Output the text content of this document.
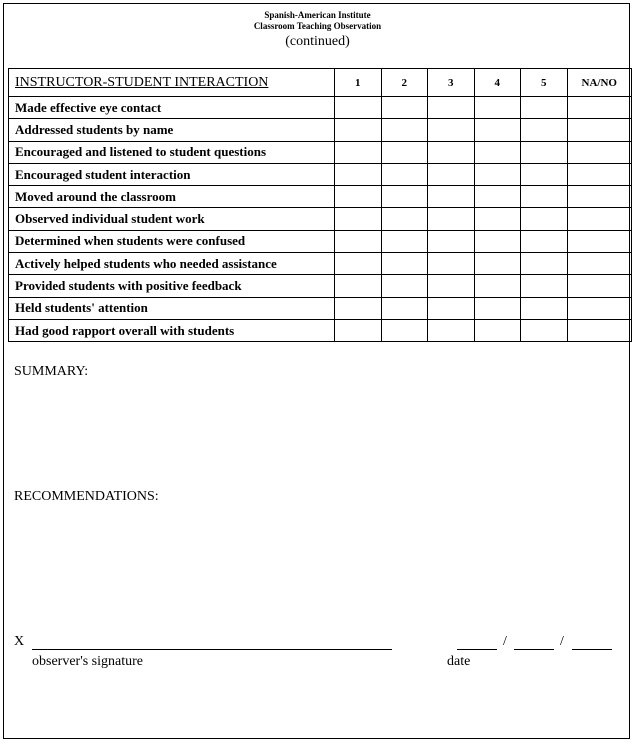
Spanish-American Institute
Classroom Teaching Observation
(continued)
INSTRUCTOR-STUDENT INTERACTION	1	2	3	4	5	NA/NO
Made effective eye contact						
Addressed students by name						
Encouraged and listened to student questions						
Encouraged student interaction						
Moved around the classroom						
Observed individual student work						
Determined when students were confused						
Actively helped students who needed assistance						
Provided students with positive feedback						
Held students' attention						
Had good rapport overall with students						
SUMMARY:
RECOMMENDATIONS:
X	/	/
observer's signature	date
